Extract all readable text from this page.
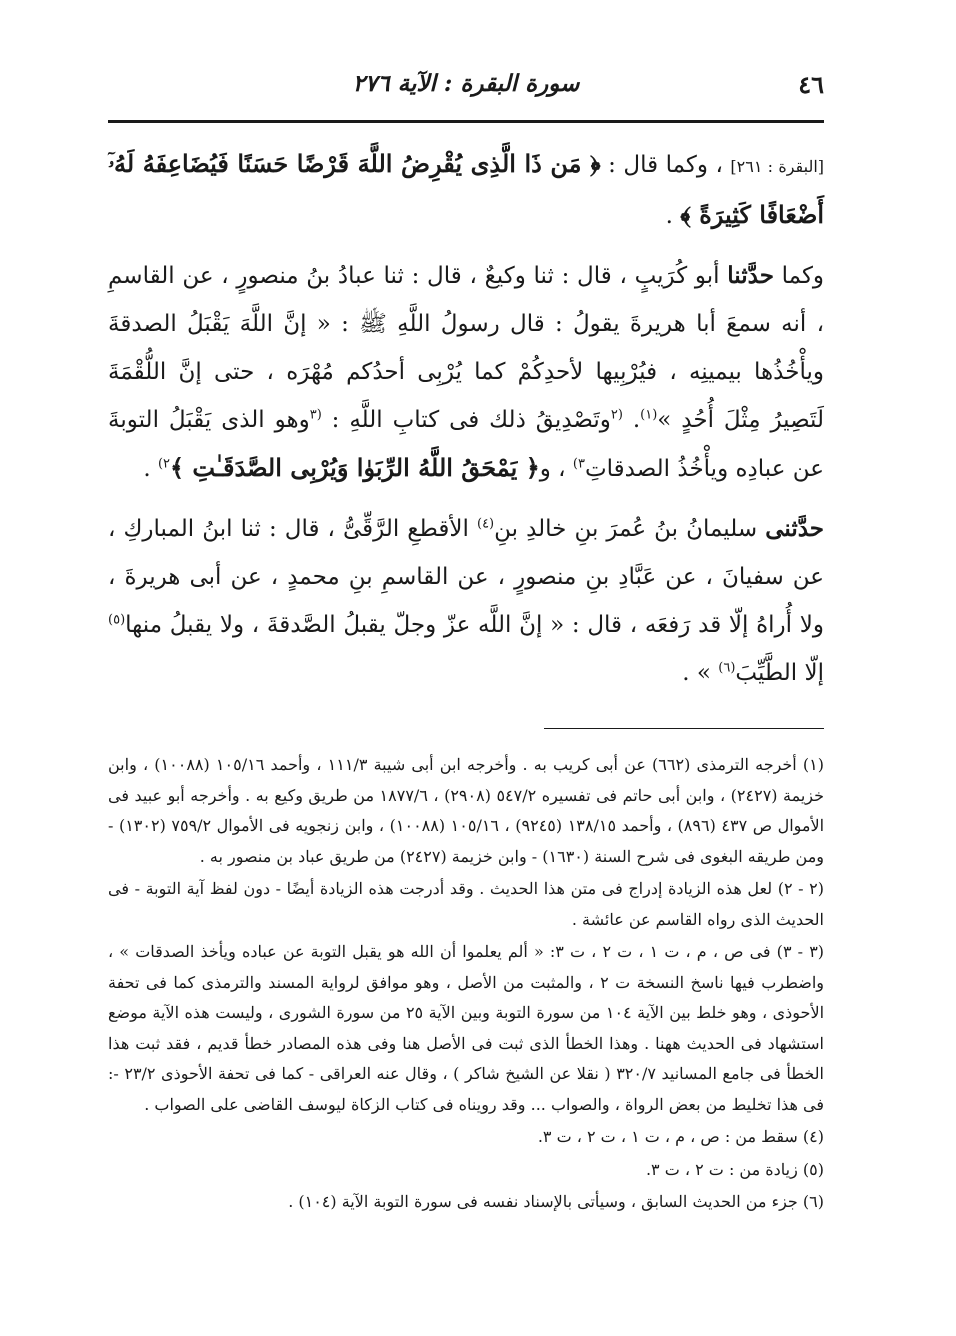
٤٦
سورة البقرة : الآية ٢٧٦

[البقرة : ٢٦١] ، وكما قال : ﴿ مَن ذَا الَّذِى يُقْرِضُ اللَّهَ قَرْضًا حَسَنًا فَيُضَاعِفَهُ لَهُۥٓ أَضْعَافًا كَثِيرَةً ﴾ .

وكما حدَّثنا أبو كُرَيبٍ ، قال : ثنا وكيعٌ ، قال : ثنا عبادُ بنُ منصورٍ ، عن القاسمِ ، أنه سمعَ أبا هريرةَ يقولُ : قال رسولُ اللَّهِ ﷺ : « إنَّ اللَّهَ يَقْبَلُ الصدقةَ ويأْخُذُها بيمينِه ، فيُرْبِيها لأحدِكُمْ كما يُرْبِى أحدُكم مُهْرَه ، حتى إنَّ اللُّقْمَةَ لَتَصِيرُ مِثْلَ أُحُدٍ »$^{(١)}$. $^{(٢}$وتَصْدِيقُ ذلك فى كتابِ اللَّهِ : $^{(٣}$وهو الذى يَقْبَلُ التوبةَ عن عبادِه ويأْخُذُ الصدقاتِ$^{٣)}$ ، و﴿ يَمْحَقُ اللَّهُ الرِّبَوٰا وَيُرْبِى الصَّدَقَـٰتِ ﴾$^{٢)}$ .

حدَّثنى سليمانُ بنُ عُمرَ بنِ خالدِ بنِ$^{(٤)}$ الأقطعِ الرَّقِّىُّ ، قال : ثنا ابنُ المباركِ ، عن سفيانَ ، عن عَبَّادِ بنِ منصورٍ ، عن القاسمِ بنِ محمدٍ ، عن أبى هريرةَ ، ولا أُراهُ إلّا قد رَفعَه ، قال : « إنَّ اللَّه عزّ وجلّ يقبلُ الصَّدقةَ ، ولا يقبلُ منها$^{(٥)}$ إلّا الطَّيِّبَ$^{(٦)}$ » .

(١) أخرجه الترمذى (٦٦٢) عن أبى كريب به . وأخرجه ابن أبى شيبة ١١١/٣ ، وأحمد ١٠٥/١٦ (١٠٠٨٨) ، وابن خزيمة (٢٤٢٧) ، وابن أبى حاتم فى تفسيره ٥٤٧/٢ (٢٩٠٨) ، ١٨٧٧/٦ من طريق وكيع به . وأخرجه أبو عبيد فى الأموال ص ٤٣٧ (٨٩٦) ، وأحمد ١٣٨/١٥ (٩٢٤٥) ، ١٠٥/١٦ (١٠٠٨٨) ، وابن زنجويه فى الأموال ٧٥٩/٢ (١٣٠٢) - ومن طريقه البغوى فى شرح السنة (١٦٣٠) - وابن خزيمة (٢٤٢٧) من طريق عباد بن منصور به .

(٢ - ٢) لعل هذه الزيادة إدراج فى متن هذا الحديث . وقد أدرجت هذه الزيادة أيضًا - دون لفظ آية التوبة - فى الحديث الذى رواه القاسم عن عائشة .

(٣ - ٣) فى ص ، م ، ت ١ ، ت ٢ ، ت ٣: « ألم يعلموا أن الله هو يقبل التوبة عن عباده ويأخذ الصدقات » ، واضطرب فيها ناسخ النسخة ت ٢ ، والمثبت من الأصل ، وهو موافق لرواية المسند والترمذى كما فى تحفة الأحوذى ، وهو خلط بين الآية ١٠٤ من سورة التوبة وبين الآية ٢٥ من سورة الشورى ، وليست هذه الآية موضع استشهاد فى الحديث ههنا . وهذا الخطأ الذى ثبت فى الأصل هنا وفى هذه المصادر خطأ قديم ، فقد ثبت هذا الخطأ فى جامع المسانيد ٣٢٠/٧ ( نقلا عن الشيخ شاكر ) ، وقال عنه العراقى - كما فى تحفة الأحوذى ٢٣/٢ -: فى هذا تخليط من بعض الرواة ، والصواب ... وقد رويناه فى كتاب الزكاة ليوسف القاضى على الصواب .

(٤) سقط من : ص ، م ، ت ١ ، ت ٢ ، ت ٣.

(٥) زيادة من : ت ٢ ، ت ٣.

(٦) جزء من الحديث السابق ، وسيأتى بالإسناد نفسه فى سورة التوبة الآية (١٠٤) .
